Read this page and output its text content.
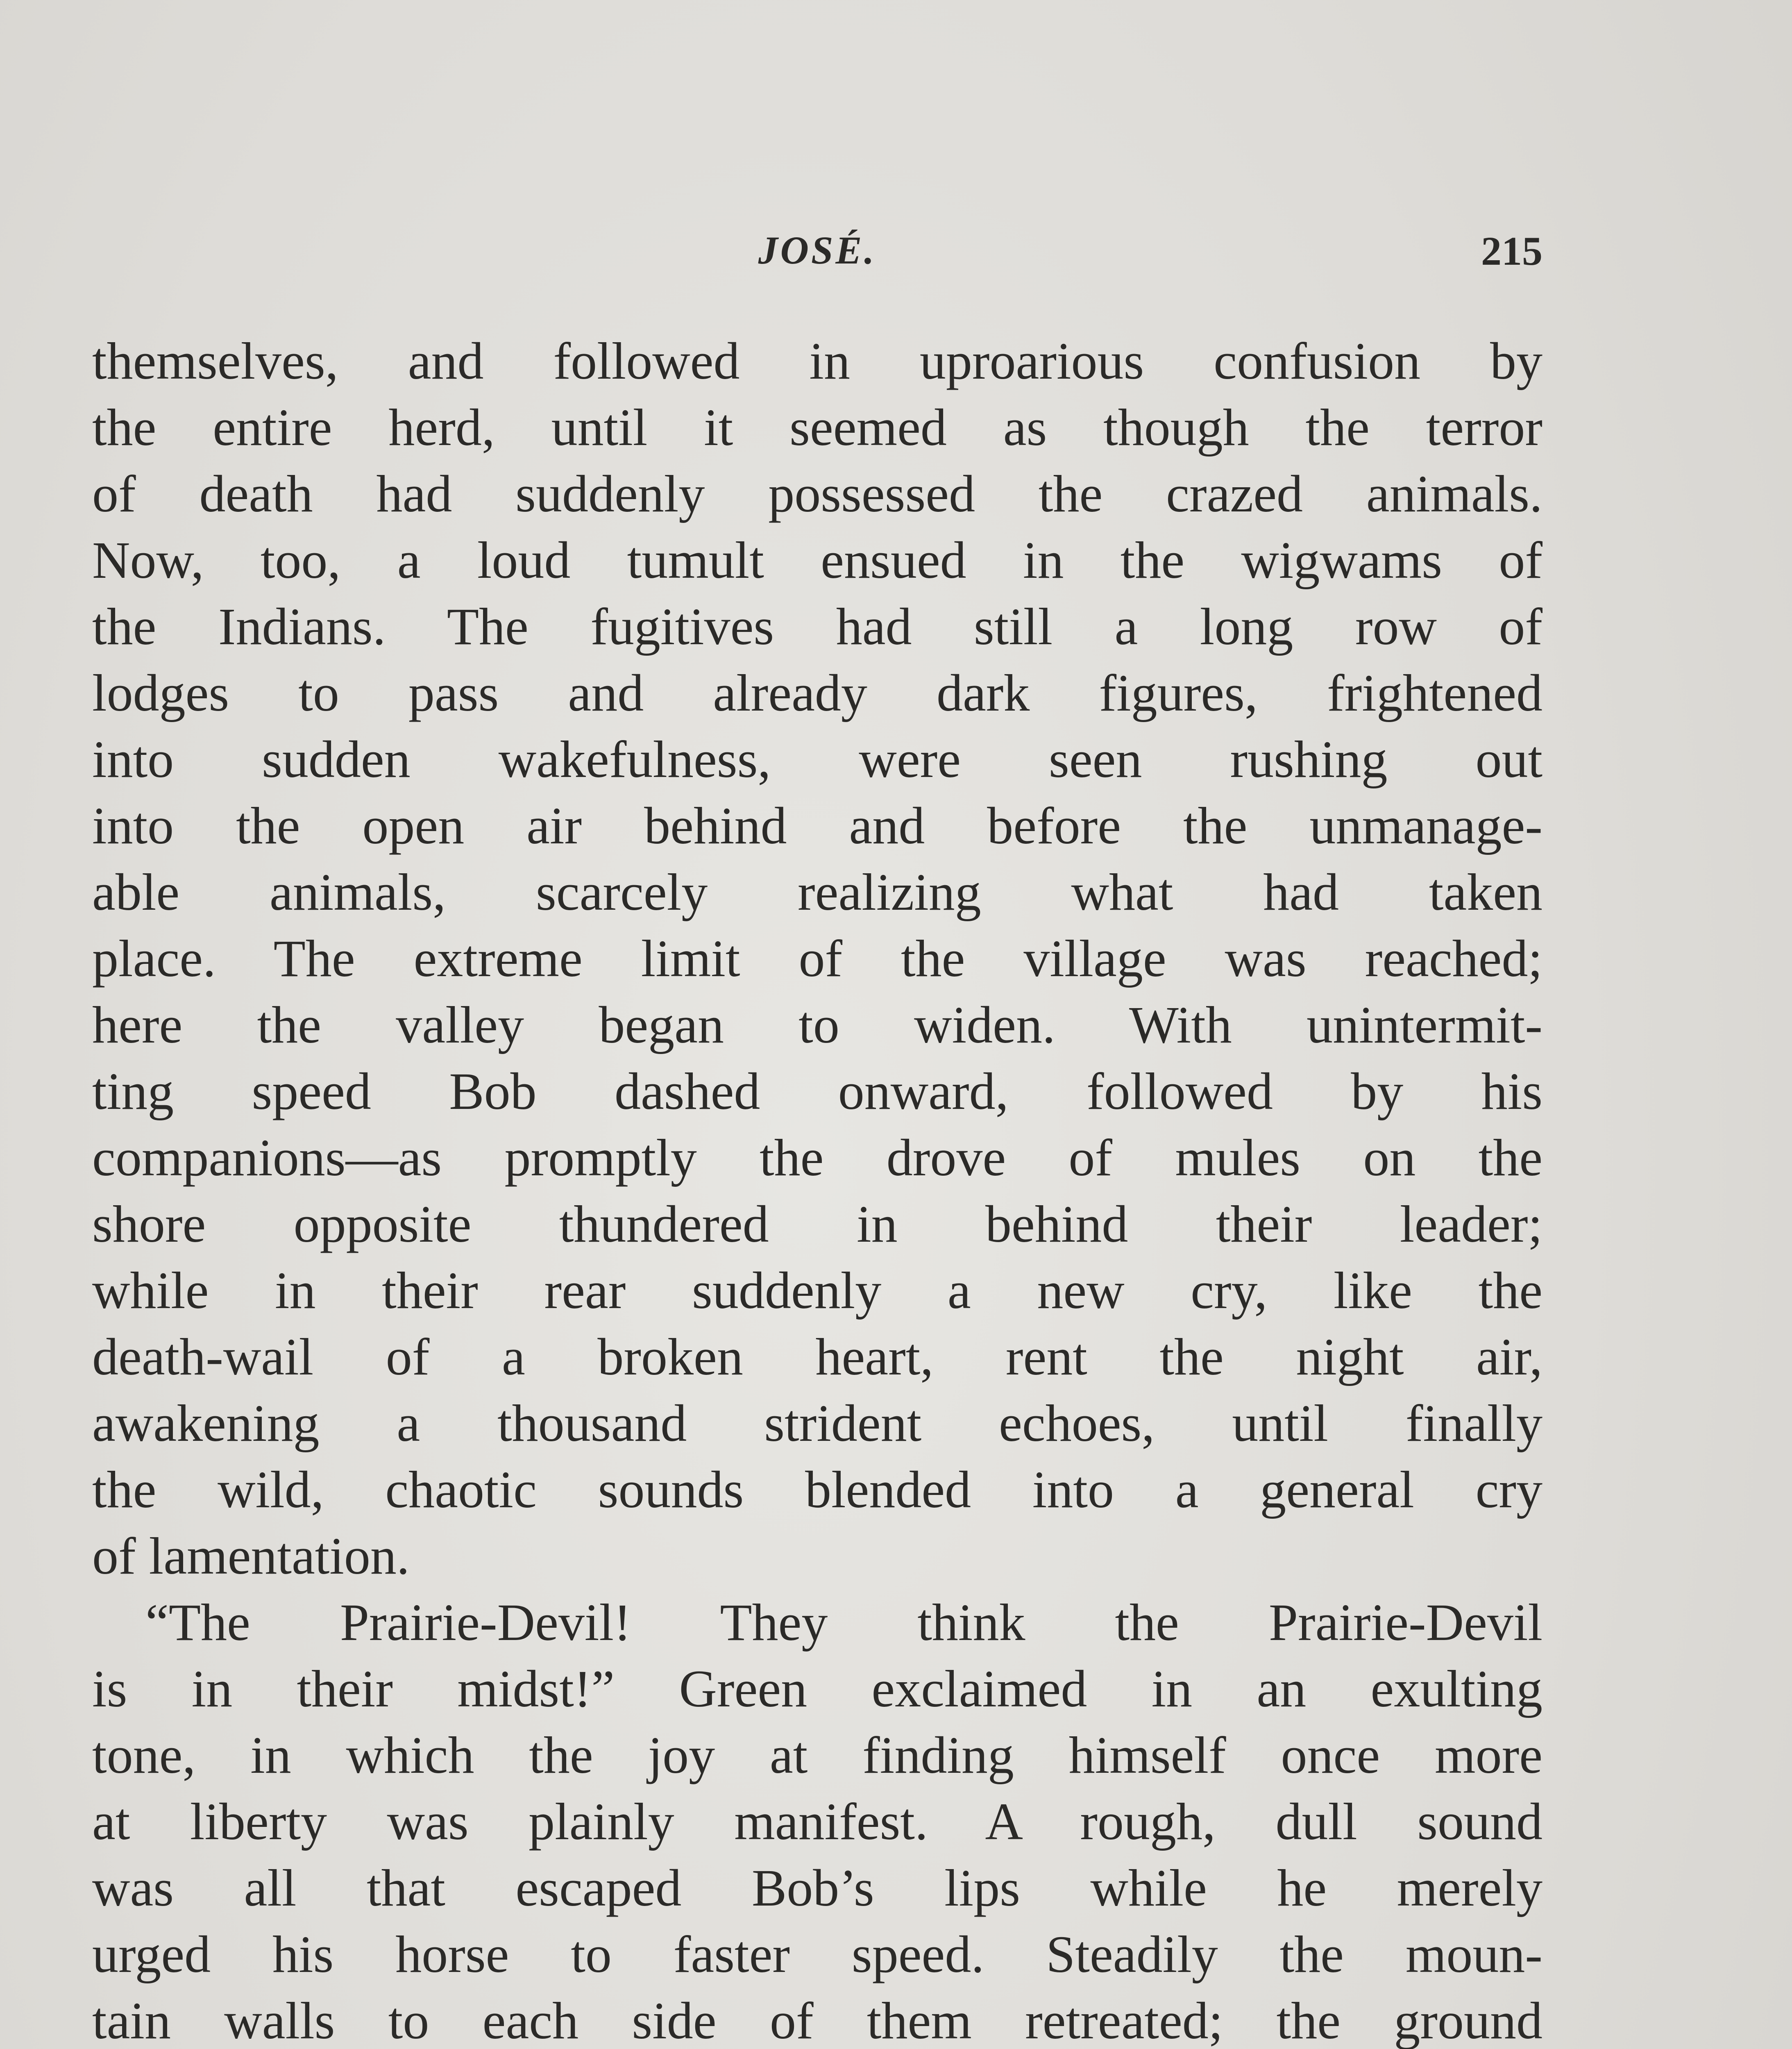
JOSÉ.	215
themselves, and followed in uproarious confusion by
the entire herd, until it seemed as though the terror
of death had suddenly possessed the crazed animals.
Now, too, a loud tumult ensued in the wigwams of
the Indians. The fugitives had still a long row of
lodges to pass and already dark figures, frightened
into sudden wakefulness, were seen rushing out
into the open air behind and before the unmanage-
able animals, scarcely realizing what had taken
place. The extreme limit of the village was reached;
here the valley began to widen. With unintermit-
ting speed Bob dashed onward, followed by his
companions—as promptly the drove of mules on the
shore opposite thundered in behind their leader;
while in their rear suddenly a new cry, like the
death-wail of a broken heart, rent the night air,
awakening a thousand strident echoes, until finally
the wild, chaotic sounds blended into a general cry
of lamentation.
“The Prairie-Devil! They think the Prairie-Devil
is in their midst!” Green exclaimed in an exulting
tone, in which the joy at finding himself once more
at liberty was plainly manifest. A rough, dull sound
was all that escaped Bob’s lips while he merely
urged his horse to faster speed. Steadily the moun-
tain walls to each side of them retreated; the ground
